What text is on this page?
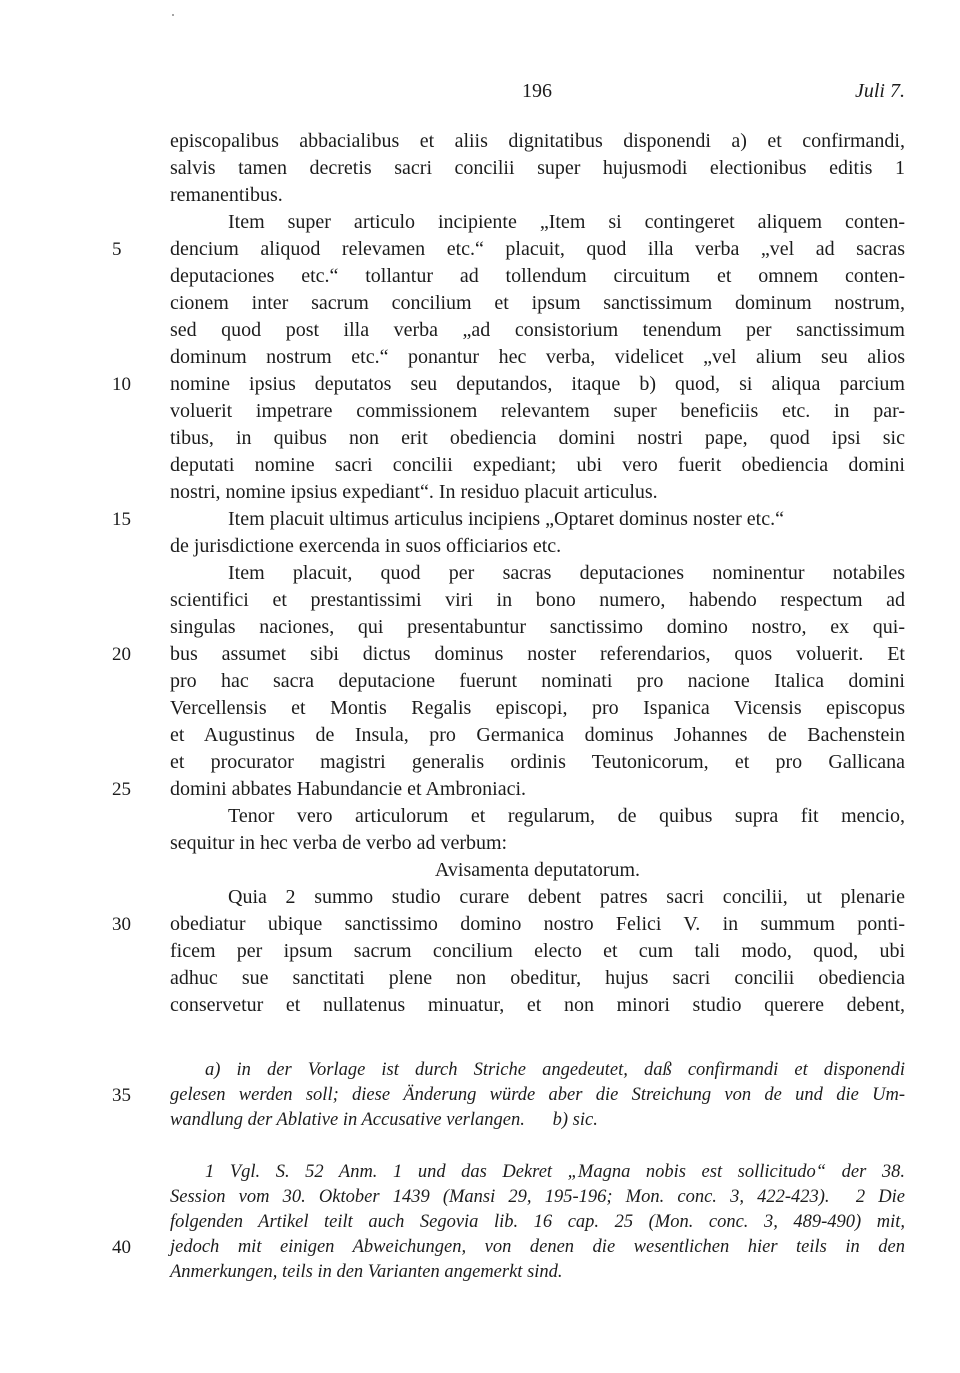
196	Juli 7.
episcopalibus abbacialibus et aliis dignitatibus disponendi a) et confirmandi,
salvis tamen decretis sacri concilii super hujusmodi electionibus editis 1
remanentibus.
Item super articulo incipiente „Item si contingeret aliquem conten-
dencium aliquod relevamen etc.“ placuit, quod illa verba „vel ad sacras
deputaciones etc.“ tollantur ad tollendum circuitum et omnem conten-
cionem inter sacrum concilium et ipsum sanctissimum dominum nostrum,
sed quod post illa verba „ad consistorium tenendum per sanctissimum
dominum nostrum etc.“ ponantur hec verba, videlicet „vel alium seu alios
nomine ipsius deputatos seu deputandos, itaque b) quod, si aliqua parcium
voluerit impetrare commissionem relevantem super beneficiis etc. in par-
tibus, in quibus non erit obediencia domini nostri pape, quod ipsi sic
deputati nomine sacri concilii expediant; ubi vero fuerit obediencia domini
nostri, nomine ipsius expediant“. In residuo placuit articulus.
Item placuit ultimus articulus incipiens „Optaret dominus noster etc.“
de jurisdictione exercenda in suos officiarios etc.
Item placuit, quod per sacras deputaciones nominentur notabiles
scientifici et prestantissimi viri in bono numero, habendo respectum ad
singulas naciones, qui presentabuntur sanctissimo domino nostro, ex qui-
bus assumet sibi dictus dominus noster referendarios, quos voluerit. Et
pro hac sacra deputacione fuerunt nominati pro nacione Italica domini
Vercellensis et Montis Regalis episcopi, pro Ispanica Vicensis episcopus
et Augustinus de Insula, pro Germanica dominus Johannes de Bachenstein
et procurator magistri generalis ordinis Teutonicorum, et pro Gallicana
domini abbates Habundancie et Ambroniaci.
Tenor vero articulorum et regularum, de quibus supra fit mencio,
sequitur in hec verba de verbo ad verbum:
Avisamenta deputatorum.
Quia 2 summo studio curare debent patres sacri concilii, ut plenarie
obediatur ubique sanctissimo domino nostro Felici V. in summum ponti-
ficem per ipsum sacrum concilium electo et cum tali modo, quod, ubi
adhuc sue sanctitati plene non obeditur, hujus sacri concilii obediencia
conservetur et nullatenus minuatur, et non minori studio querere debent,
5
10
15
20
25
30
a) in der Vorlage ist durch Striche angedeutet, daß confirmandi et disponendi
gelesen werden soll; diese Änderung würde aber die Streichung von de und die Um-
wandlung der Ablative in Accusative verlangen.      b) sic.
1 Vgl. S. 52 Anm. 1 und das Dekret „Magna nobis est sollicitudo“ der 38.
Session vom 30. Oktober 1439 (Mansi 29, 195-196; Mon. conc. 3, 422-423).  2 Die
folgenden Artikel teilt auch Segovia lib. 16 cap. 25 (Mon. conc. 3, 489-490) mit,
jedoch mit einigen Abweichungen, von denen die wesentlichen hier teils in den
Anmerkungen, teils in den Varianten angemerkt sind.
35
40
